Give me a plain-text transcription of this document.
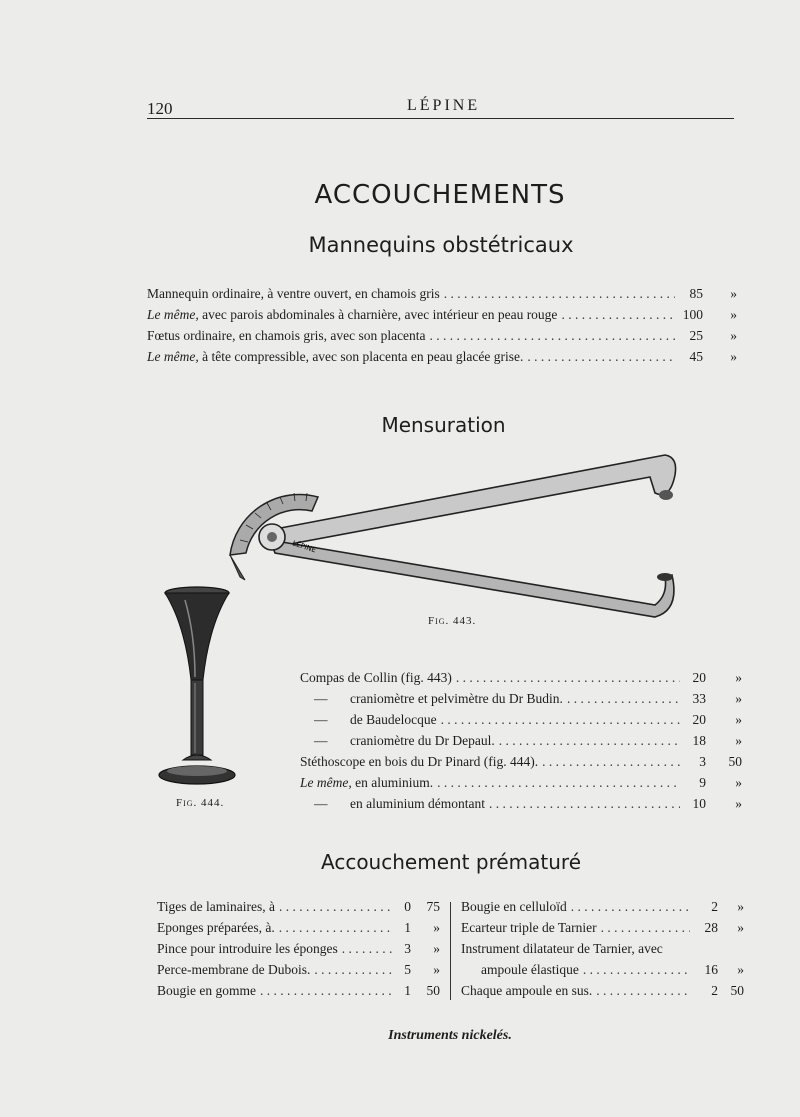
120	LÉPINE
ACCOUCHEMENTS
Mannequins obstétricaux
Mannequin ordinaire, à ventre ouvert, en chamois gris . . .	85	»
Le même, avec parois abdominales à charnière, avec intérieur en peau rouge . . .	100	»
Fœtus ordinaire, en chamois gris, avec son placenta . . .	25	»
Le même, à tête compressible, avec son placenta en peau glacée grise. . . .	45	»
Mensuration
LÉPINE
Fig. 443.
Fig. 444.
Compas de Collin (fig. 443) . . .	20	»
— craniomètre et pelvimètre du Dr Budin. . . .	33	»
— de Baudelocque . . .	20	»
— craniomètre du Dr Depaul. . . .	18	»
Stéthoscope en bois du Dr Pinard (fig. 444). . . .	3	50
Le même, en aluminium. . . .	9	»
— en aluminium démontant . . .	10	»
Accouchement prématuré
Tiges de laminaires, à . . .	0	75
Eponges préparées, à. . . .	1	»
Pince pour introduire les éponges . . .	3	»
Perce-membrane de Dubois. . . .	5	»
Bougie en gomme . . .	1	50
Bougie en celluloïd . . .	2	»
Ecarteur triple de Tarnier . . .	28	»
Instrument dilatateur de Tarnier, avec
ampoule élastique . . .	16	»
Chaque ampoule en sus. . . .	2 50
Instruments nickelés.
